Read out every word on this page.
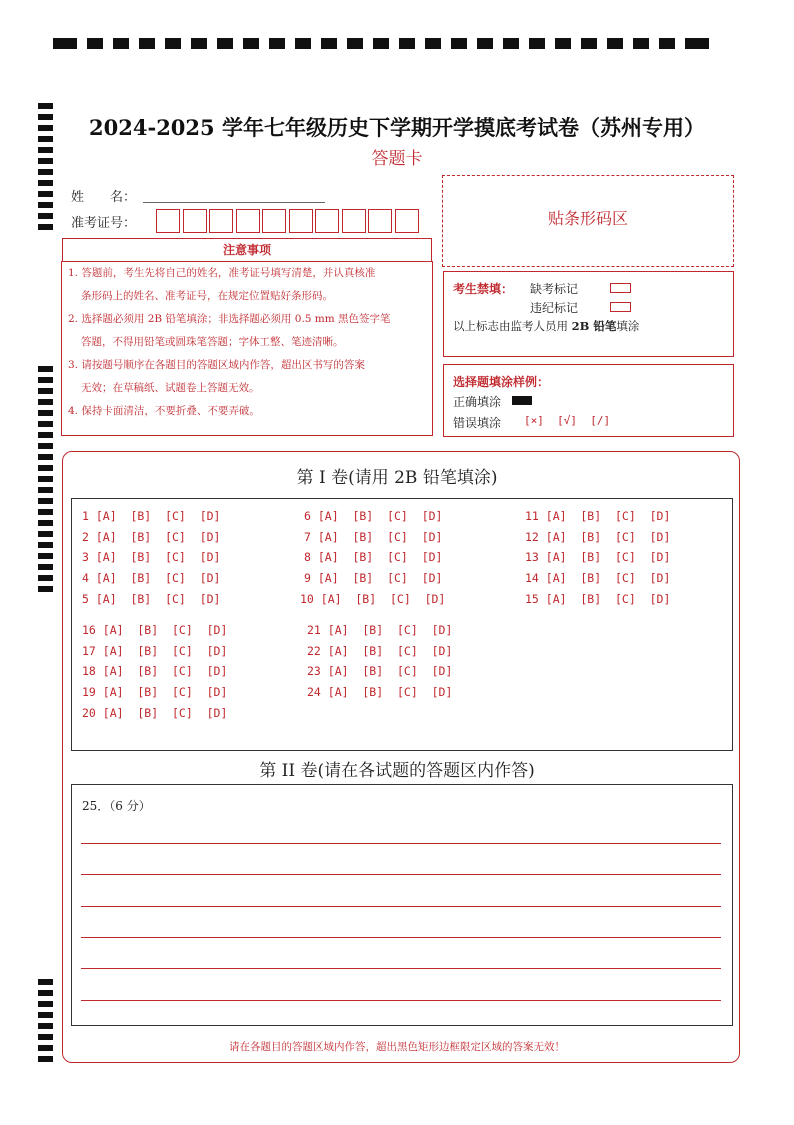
2024-2025 学年七年级历史下学期开学摸底考试卷（苏州专用）
答题卡
姓　　名：
准考证号：	贴条形码区
注意事项

1. 答题前，考生先将自己的姓名，准考证号填写清楚，并认真核准

条形码上的姓名、准考证号，在规定位置贴好条形码。

2. 选择题必须用 2B 铅笔填涂；非选择题必须用 0.5 mm 黑色签字笔

答题，不得用铅笔或圆珠笔答题；字体工整、笔迹清晰。

3. 请按题号顺序在各题目的答题区域内作答，超出区书写的答案

无效；在草稿纸、试题卷上答题无效。

4. 保持卡面清洁，不要折叠、不要弄破。

考生禁填： 缺考标记
违纪标记
以上标志由监考人员用 2B 铅笔填涂
选择题填涂样例：
正确填涂
错误填涂 [×]  [√]  [/]
第 I 卷(请用 2B 铅笔填涂)
1 [A]  [B]  [C]  [D]
2 [A]  [B]  [C]  [D]
3 [A]  [B]  [C]  [D]
4 [A]  [B]  [C]  [D]
5 [A]  [B]  [C]  [D]
6 [A]  [B]  [C]  [D]
7 [A]  [B]  [C]  [D]
8 [A]  [B]  [C]  [D]
9 [A]  [B]  [C]  [D]
10 [A]  [B]  [C]  [D]
11 [A]  [B]  [C]  [D]
12 [A]  [B]  [C]  [D]
13 [A]  [B]  [C]  [D]
14 [A]  [B]  [C]  [D]
15 [A]  [B]  [C]  [D]
16 [A]  [B]  [C]  [D]
17 [A]  [B]  [C]  [D]
18 [A]  [B]  [C]  [D]
19 [A]  [B]  [C]  [D]
20 [A]  [B]  [C]  [D]
21 [A]  [B]  [C]  [D]
22 [A]  [B]  [C]  [D]
23 [A]  [B]  [C]  [D]
24 [A]  [B]  [C]  [D]
第 II 卷(请在各试题的答题区内作答)
25．（6 分）
请在各题目的答题区域内作答，超出黑色矩形边框限定区域的答案无效！
